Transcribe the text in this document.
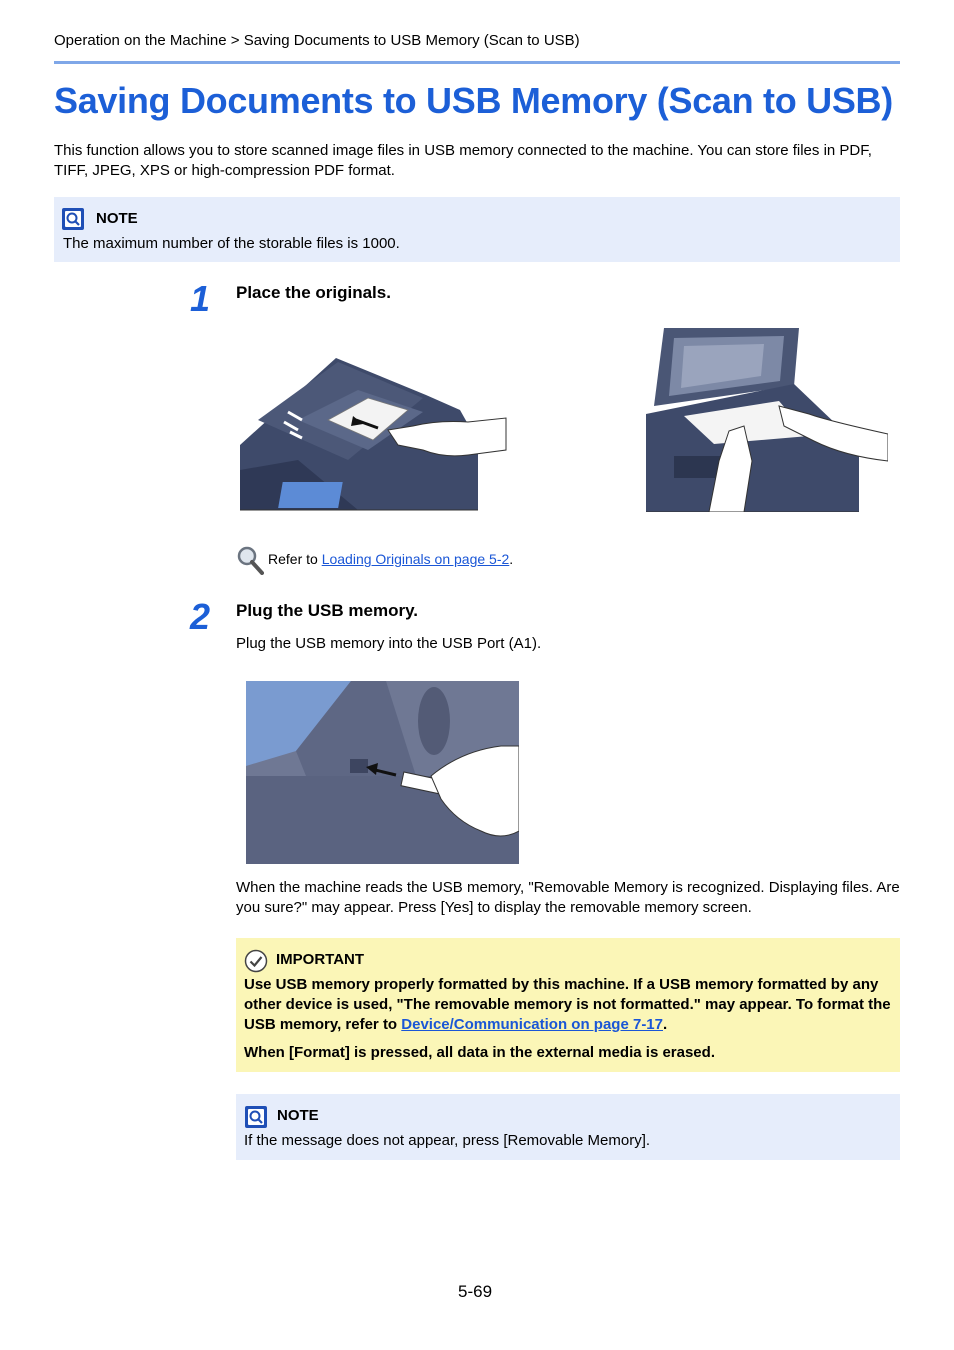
Operation on the Machine > Saving Documents to USB Memory (Scan to USB)
Saving Documents to USB Memory (Scan to USB)
This function allows you to store scanned image files in USB memory connected to the machine. You can store files in PDF, TIFF, JPEG, XPS or high-compression PDF format.
NOTE
The maximum number of the storable files is 1000.
1 Place the originals.
Refer to Loading Originals on page 5-2.
2 Plug the USB memory.
Plug the USB memory into the USB Port (A1).
When the machine reads the USB memory, "Removable Memory is recognized. Displaying files. Are you sure?" may appear. Press [Yes] to display the removable memory screen.
IMPORTANT
Use USB memory properly formatted by this machine. If a USB memory formatted by any other device is used, "The removable memory is not formatted." may appear. To format the USB memory, refer to Device/Communication on page 7-17.
When [Format] is pressed, all data in the external media is erased.
NOTE
If the message does not appear, press [Removable Memory].
5-69
